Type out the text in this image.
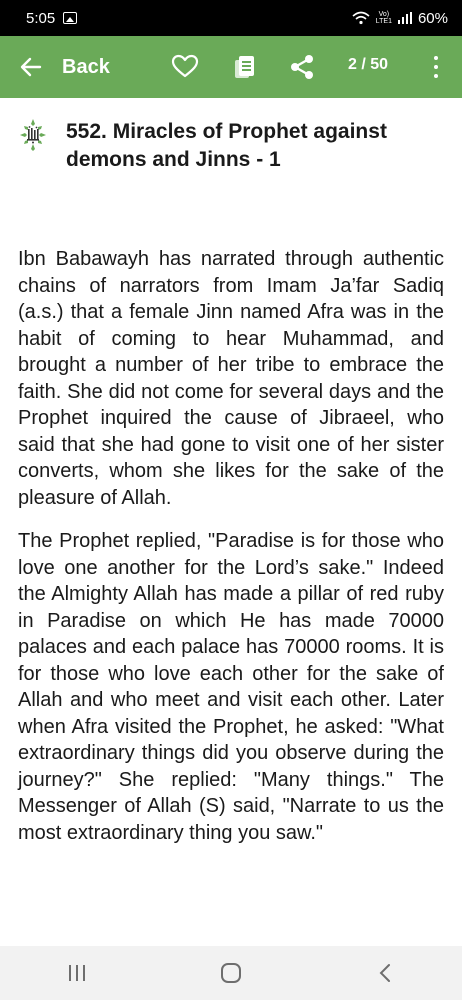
5:05	Vo)
LTE1 60%
Back	2 / 50
552. Miracles of Prophet against demons and Jinns - 1

Ibn Babawayh has narrated through authentic chains of narrators from Imam Ja’far Sadiq (a.s.) that a female Jinn named Afra was in the habit of coming to hear Muhammad, and brought a number of her tribe to embrace the faith. She did not come for several days and the Prophet inquired the cause of Jibraeel, who said that she had gone to visit one of her sister converts, whom she likes for the sake of the pleasure of Allah.

The Prophet replied, "Paradise is for those who love one another for the Lord’s sake." Indeed the Almighty Allah has made a pillar of red ruby in Paradise on which He has made 70000 palaces and each palace has 70000 rooms. It is for those who love each other for the sake of Allah and who meet and visit each other. Later when Afra visited the Prophet, he asked: "What extraordinary things did you observe during the journey?" She replied: "Many things." The Messenger of Allah (S) said, "Narrate to us the most extraordinary thing you saw."
